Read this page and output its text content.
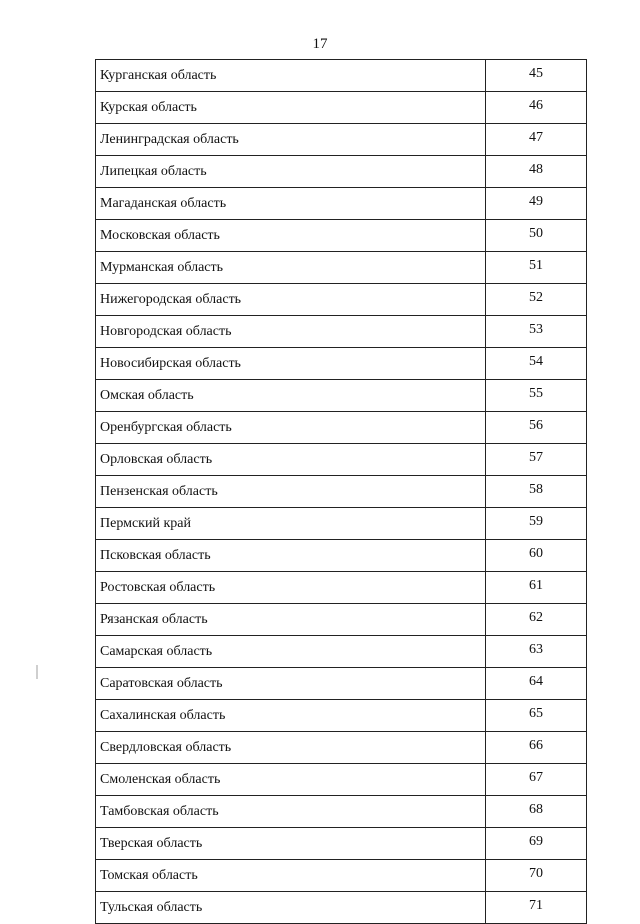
17
Курганская область	45
Курская область	46
Ленинградская область	47
Липецкая область	48
Магаданская область	49
Московская область	50
Мурманская область	51
Нижегородская область	52
Новгородская область	53
Новосибирская область	54
Омская область	55
Оренбургская область	56
Орловская область	57
Пензенская область	58
Пермский край	59
Псковская область	60
Ростовская область	61
Рязанская область	62
Самарская область	63
Саратовская область	64
Сахалинская область	65
Свердловская область	66
Смоленская область	67
Тамбовская область	68
Тверская область	69
Томская область	70
Тульская область	71
